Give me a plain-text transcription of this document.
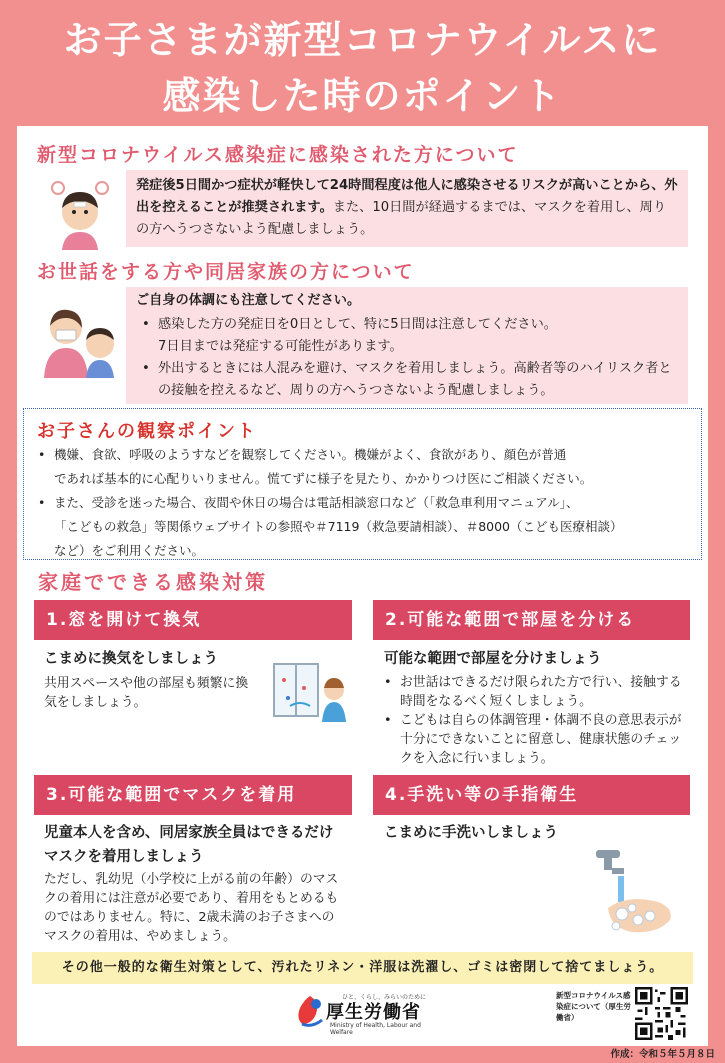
お子さまが新型コロナウイルスに
感染した時のポイント
新型コロナウイルス感染症に感染された方について
発症後5日間かつ症状が軽快して24時間程度は他人に感染させるリスクが高いことから、外出を控えることが推奨されます。また、10日間が経過するまでは、マスクを着用し、周りの方へうつさないよう配慮しましょう。
お世話をする方や同居家族の方について
ご自身の体調にも注意してください。
• 感染した方の発症日を0日として、特に5日間は注意してください。
7日目までは発症する可能性があります。
• 外出するときには人混みを避け、マスクを着用しましょう。高齢者等のハイリスク者との接触を控えるなど、周りの方へうつさないよう配慮しましょう。
お子さんの観察ポイント
• 機嫌、食欲、呼吸のようすなどを観察してください。機嫌がよく、食欲があり、顔色が普通
であれば基本的に心配りいりません。慌てずに様子を見たり、かかりつけ医にご相談ください。
• また、受診を迷った場合、夜間や休日の場合は電話相談窓口など（「救急車利用マニュアル」、
「こどもの救急」等関係ウェブサイトの参照や＃7119（救急要請相談）、＃8000（こども医療相談）
など）をご利用ください。
家庭でできる感染対策
1.窓を開けて換気
こまめに換気をしましょう
共用スペースや他の部屋も頻繁に換気をしましょう。
2.可能な範囲で部屋を分ける
可能な範囲で部屋を分けましょう
• お世話はできるだけ限られた方で行い、接触する時間をなるべく短くしましょう。
• こどもは自らの体調管理・体調不良の意思表示が十分にできないことに留意し、健康状態のチェックを入念に行いましょう。
3.可能な範囲でマスクを着用
児童本人を含め、同居家族全員はできるだけマスクを着用しましょう
ただし、乳幼児（小学校に上がる前の年齢）のマスクの着用には注意が必要であり、着用をもとめるものではありません。特に、2歳未満のお子さまへのマスクの着用は、やめましょう。
4.手洗い等の手指衛生
こまめに手洗いしましょう
その他一般的な衛生対策として、汚れたリネン・洋服は洗濯し、ゴミは密閉して捨てましょう。
ひと、くらし、みらいのために
厚生労働省
Ministry of Health, Labour and Welfare
新型コロナウイルス感染症について（厚生労働省）
作成：令和５年５月８日
